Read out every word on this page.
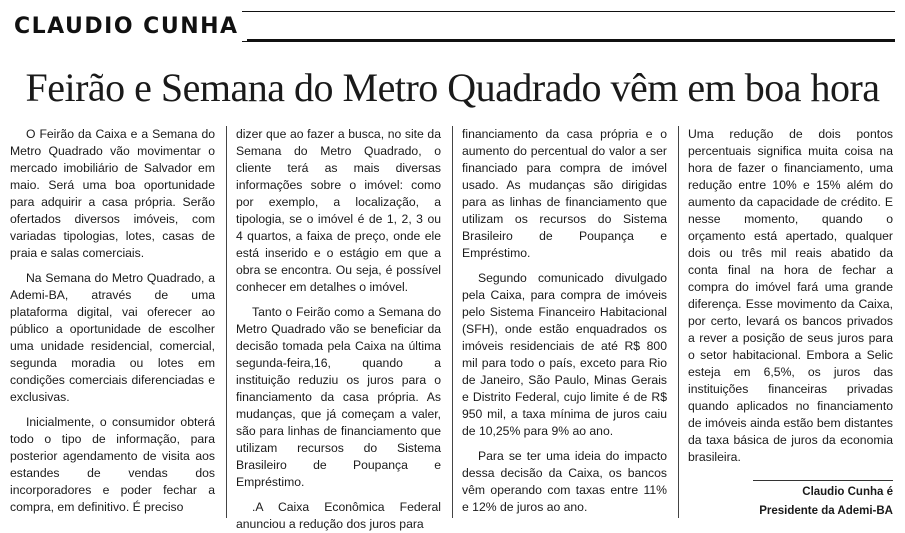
CLAUDIO CUNHA
Feirão e Semana do Metro Quadrado vêm em boa hora

O Feirão da Caixa e a Semana do Metro Quadrado vão movimentar o mercado imobiliário de Salvador em maio. Será uma boa oportunidade para adquirir a casa própria. Serão ofertados diversos imóveis, com variadas tipologias, lotes, casas de praia e salas comerciais.

Na Semana do Metro Quadrado, a Ademi-BA, através de uma plataforma digital, vai oferecer ao público a oportunidade de escolher uma unidade residencial, comercial, segunda moradia ou lotes em condições comerciais diferenciadas e exclusivas.

Inicialmente, o consumidor obterá todo o tipo de informação, para posterior agendamento de visita aos estandes de vendas dos incorporadores e poder fechar a compra, em definitivo. É preciso

dizer que ao fazer a busca, no site da Semana do Metro Quadrado, o cliente terá as mais diversas informações sobre o imóvel: como por exemplo, a localização, a tipologia, se o imóvel é de 1, 2, 3 ou 4 quartos, a faixa de preço, onde ele está inserido e o estágio em que a obra se encontra. Ou seja, é possível conhecer em detalhes o imóvel.

Tanto o Feirão como a Semana do Metro Quadrado vão se beneficiar da decisão tomada pela Caixa na última segunda-feira,16, quando a instituição reduziu os juros para o financiamento da casa própria. As mudanças, que já começam a valer, são para linhas de financiamento que utilizam recursos do Sistema Brasileiro de Poupança e Empréstimo.

.A Caixa Econômica Federal anunciou a redução dos juros para

financiamento da casa própria e o aumento do percentual do valor a ser financiado para compra de imóvel usado. As mudanças são dirigidas para as linhas de financiamento que utilizam os recursos do Sistema Brasileiro de Poupança e Empréstimo.

Segundo comunicado divulgado pela Caixa, para compra de imóveis pelo Sistema Financeiro Habitacional (SFH), onde estão enquadrados os imóveis residenciais de até R$ 800 mil para todo o país, exceto para Rio de Janeiro, São Paulo, Minas Gerais e Distrito Federal, cujo limite é de R$ 950 mil, a taxa mínima de juros caiu de 10,25% para 9% ao ano.

Para se ter uma ideia do impacto dessa decisão da Caixa, os bancos vêm operando com taxas entre 11% e 12% de juros ao ano.

Uma redução de dois pontos percentuais significa muita coisa na hora de fazer o financiamento, uma redução entre 10% e 15% além do aumento da capacidade de crédito. E nesse momento, quando o orçamento está apertado, qualquer dois ou três mil reais abatido da conta final na hora de fechar a compra do imóvel fará uma grande diferença. Esse movimento da Caixa, por certo, levará os bancos privados a rever a posição de seus juros para o setor habitacional. Embora a Selic esteja em 6,5%, os juros das instituições financeiras privadas quando aplicados no financiamento de imóveis ainda estão bem distantes da taxa básica de juros da economia brasileira.

Claudio Cunha é
Presidente da Ademi-BA
